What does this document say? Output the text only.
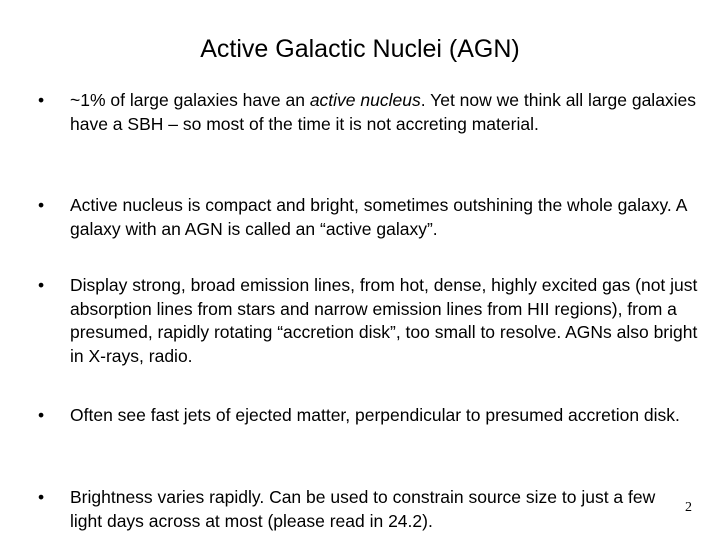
Active Galactic Nuclei (AGN)
•	~1% of large galaxies have an active nucleus. Yet now we think all large galaxies have a SBH – so most of the time it is not accreting material.
•	Active nucleus is compact and bright, sometimes outshining the whole galaxy. A galaxy with an AGN is called an “active galaxy”.
•	Display strong, broad emission lines, from hot, dense, highly excited gas (not just absorption lines from stars and narrow emission lines from HII regions), from a presumed, rapidly rotating “accretion disk”, too small to resolve. AGNs also bright in X-rays, radio.
•	Often see fast jets of ejected matter, perpendicular to presumed accretion disk.
•	Brightness varies rapidly. Can be used to constrain source size to just a few light days across at most (please read in 24.2).
2
